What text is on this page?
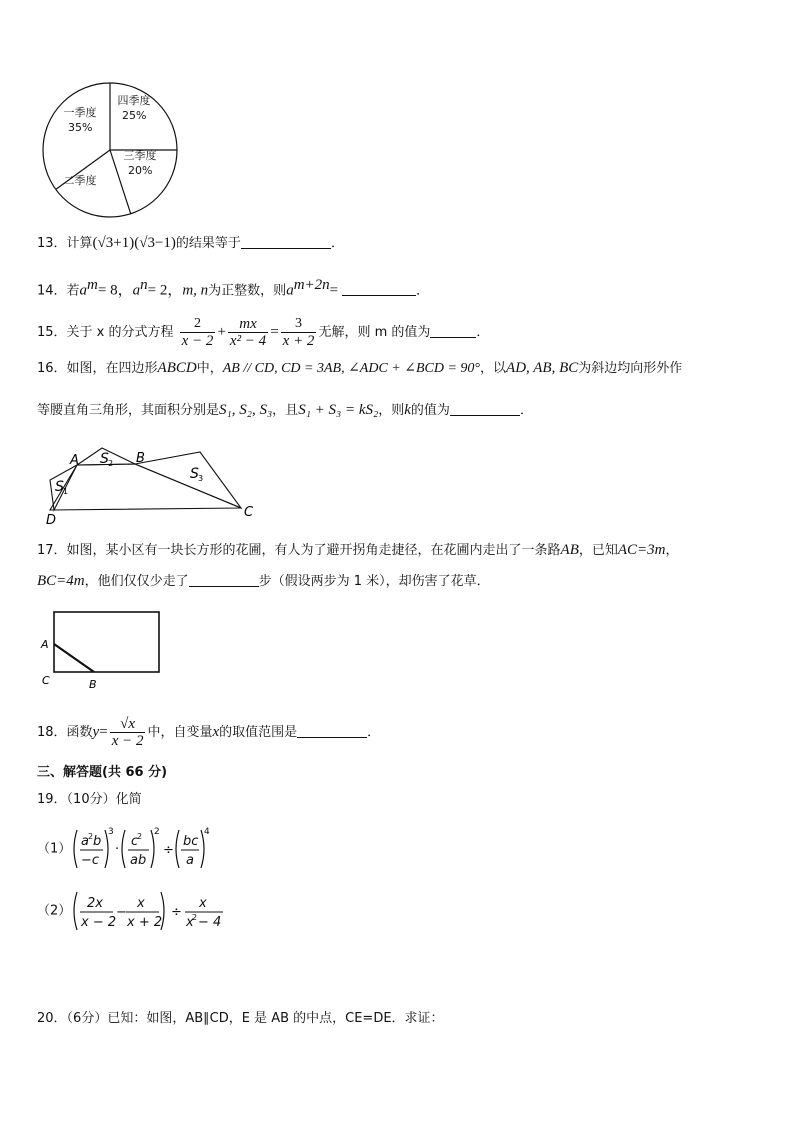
四季度
25%
三季度
20%
二季度
一季度
35%
13．计算(√3+1)(√3−1)的结果等于	．
14．若$a^m= 8$，$a^n= 2$，m, n为正整数，则$a^{m+2n}=$	．
15．关于 x 的分式方程 $\frac{2}{x - 2} + \frac{mx}{\text{x² − 4}} = \frac{3}{x + 2}$ 无解，则 m 的值为	．
16．如图，在四边形ABCD中，AB // CD, CD = 3AB, ∠ADC + ∠BCD = 90°，以AD, AB, BC为斜边均向形外作
等腰直角三角形，其面积分别是S₁, S₂, S₃，且S₁ + S₃ = kS₂，则k的值为	．
A	B
C
D
S 1
S 2
S 3
17．如图，某小区有一块长方形的花圃，有人为了避开拐角走捷径，在花圃内走出了一条路AB，已知AC=3m，
BC=4m，他们仅仅少走了	步（假设两步为 1 米），却伤害了花草．
A
C	B
18．函数$y= \frac{√x}{x - 2}$ 中，自变量x的取值范围是	．
三、解答题(共 66 分)
19．（10分）化简
（1） a 2 b
−c
3
·
c
2
ab
2
÷
bc
a
4
（2） 2x
x − 2
−
x
x + 2
÷
x
x
2 − 4
20．（6分）已知：如图，AB∥CD，E 是 AB 的中点，CE=DE．求证：
